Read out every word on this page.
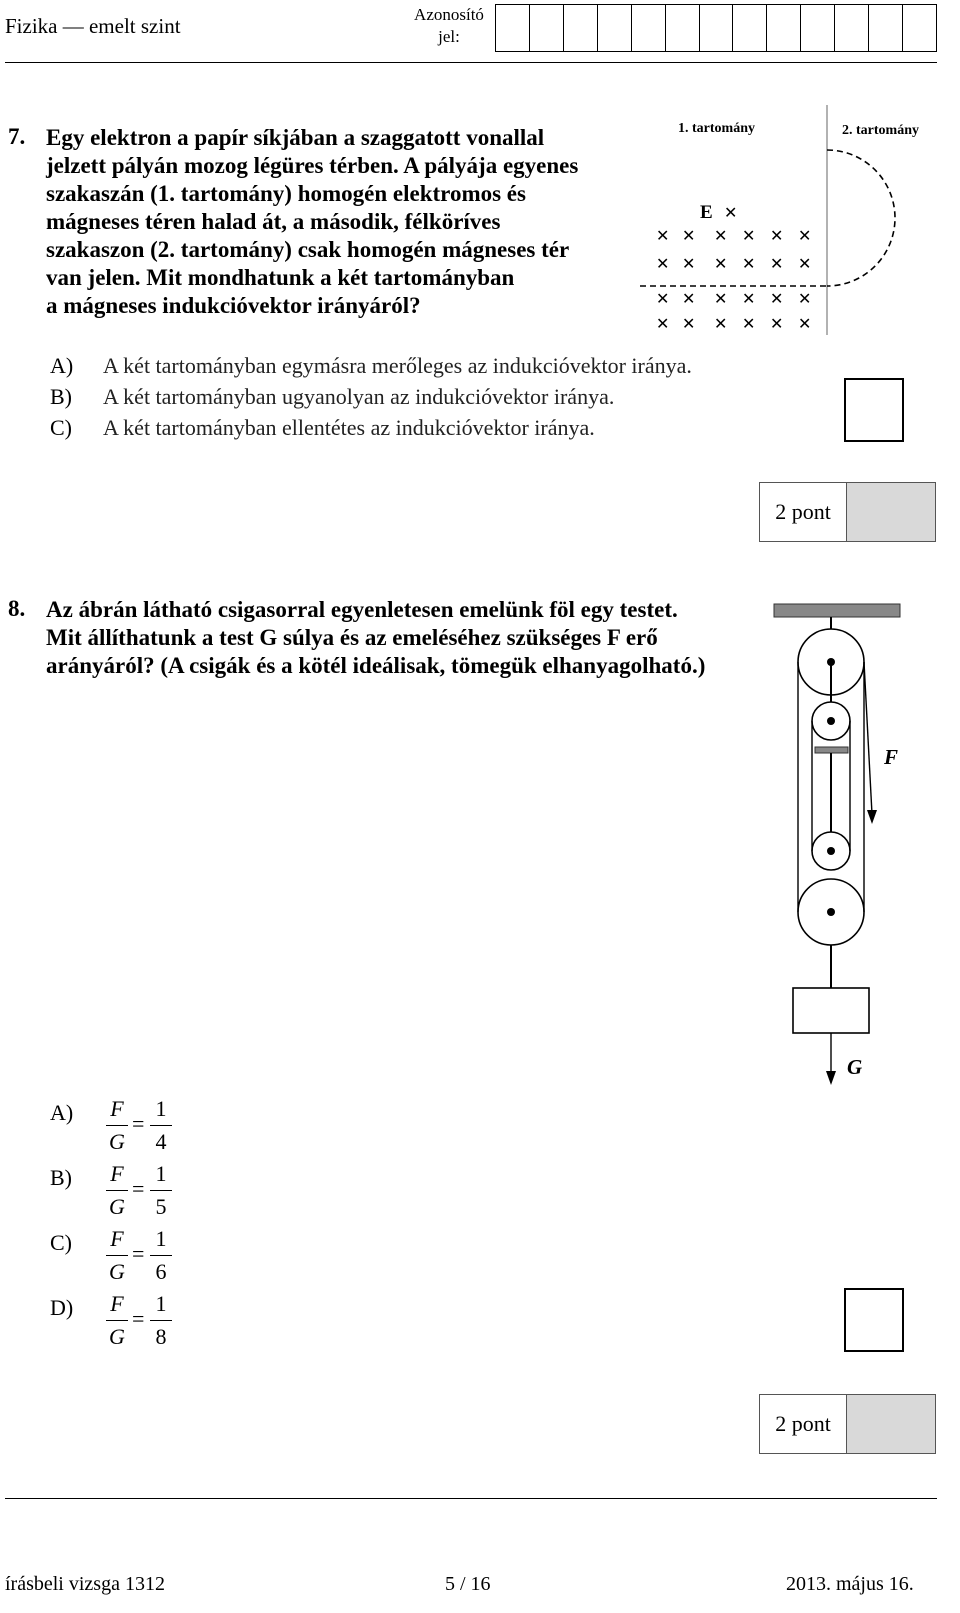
Fizika — emelt szint	Azonosító jel:
7. Egy elektron a papír síkjában a szaggatott vonallal
jelzett pályán mozog légüres térben. A pályája egyenes
szakaszán (1. tartomány) homogén elektromos és
mágneses téren halad át, a második, félköríves
szakaszon (2. tartomány) csak homogén mágneses tér
van jelen. Mit mondhatunk a két tartományban
a mágneses indukcióvektor irányáról?
1. tartomány	2. tartomány
E
✕ ✕ ✕ ✕ ✕ ✕
✕ ✕ ✕ ✕ ✕ ✕
✕ ✕ ✕ ✕ ✕ ✕
✕ ✕ ✕ ✕ ✕ ✕
✕
A) A két tartományban egymásra merőleges az indukcióvektor iránya.
B) A két tartományban ugyanolyan az indukcióvektor iránya.
C) A két tartományban ellentétes az indukcióvektor iránya.
2 pont
8. Az ábrán látható csigasorral egyenletesen emelünk föl egy testet.
Mit állíthatunk a test G súlya és az emeléséhez szükséges F erő
arányáról? (A csigák és a kötél ideálisak, tömegük elhanyagolható.)
F
G
A) F
G
=
1
4
B) F
G
=
1
5
C) F
G
=
1
6
D) F
G
=
1
8
2 pont
írásbeli vizsga 1312	5 / 16	2013. május 16.
